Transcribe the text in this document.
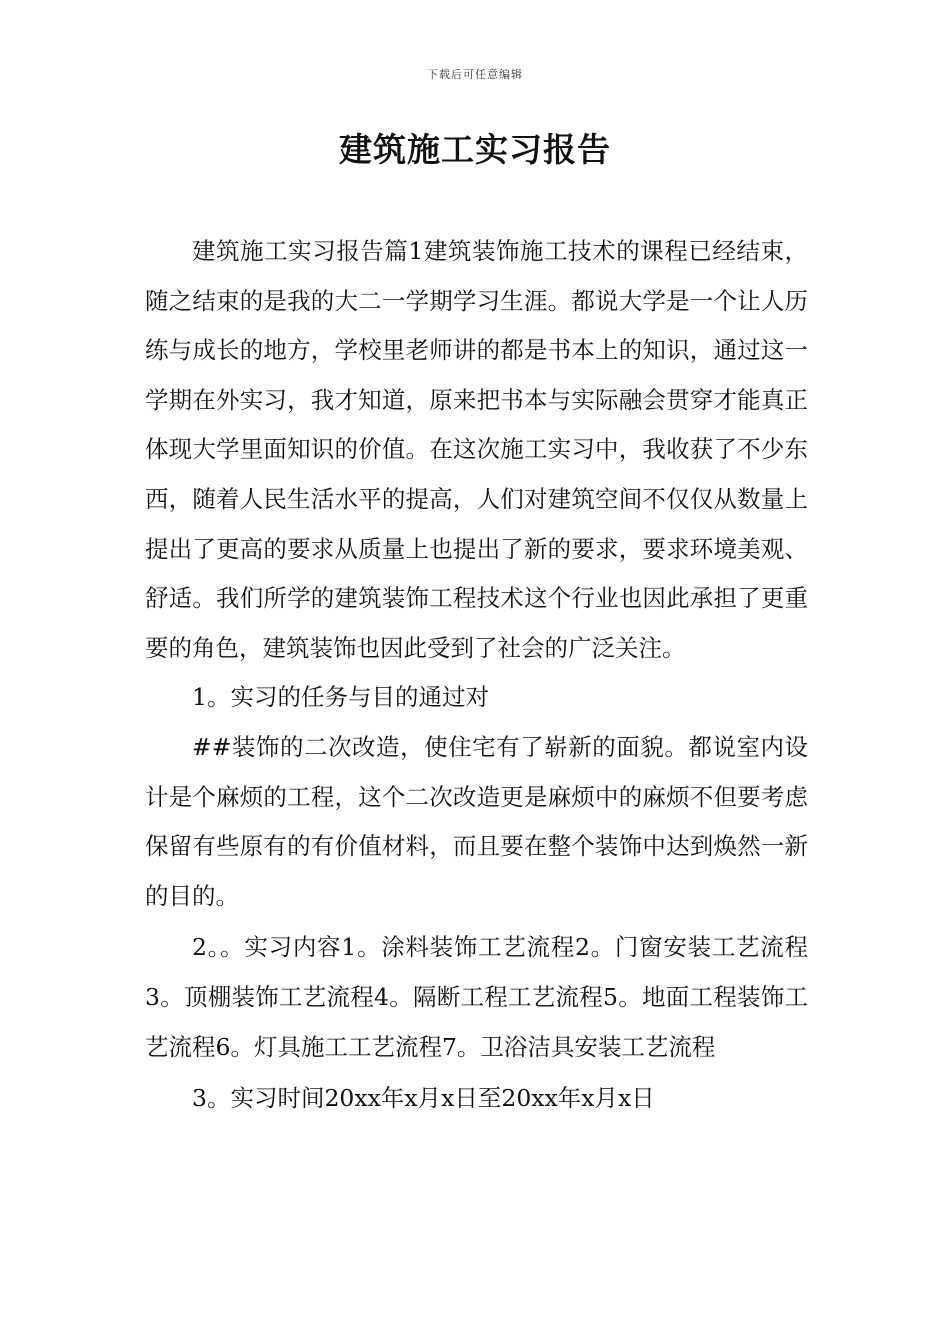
下载后可任意编辑
建筑施工实习报告

建筑施工实习报告篇1建筑装饰施工技术的课程已经结束，随之结束的是我的大二一学期学习生涯。都说大学是一个让人历练与成长的地方，学校里老师讲的都是书本上的知识，通过这一学期在外实习，我才知道，原来把书本与实际融会贯穿才能真正体现大学里面知识的价值。在这次施工实习中，我收获了不少东西，随着人民生活水平的提高，人们对建筑空间不仅仅从数量上提出了更高的要求从质量上也提出了新的要求，要求环境美观、舒适。我们所学的建筑装饰工程技术这个行业也因此承担了更重要的角色，建筑装饰也因此受到了社会的广泛关注。

1。实习的任务与目的通过对

##装饰的二次改造，使住宅有了崭新的面貌。都说室内设计是个麻烦的工程，这个二次改造更是麻烦中的麻烦不但要考虑保留有些原有的有价值材料，而且要在整个装饰中达到焕然一新的目的。

2。。实习内容1。涂料装饰工艺流程2。门窗安装工艺流程3。顶棚装饰工艺流程4。隔断工程工艺流程5。地面工程装饰工艺流程6。灯具施工工艺流程7。卫浴洁具安装工艺流程

3。实习时间20xx年x月x日至20xx年x月x日
